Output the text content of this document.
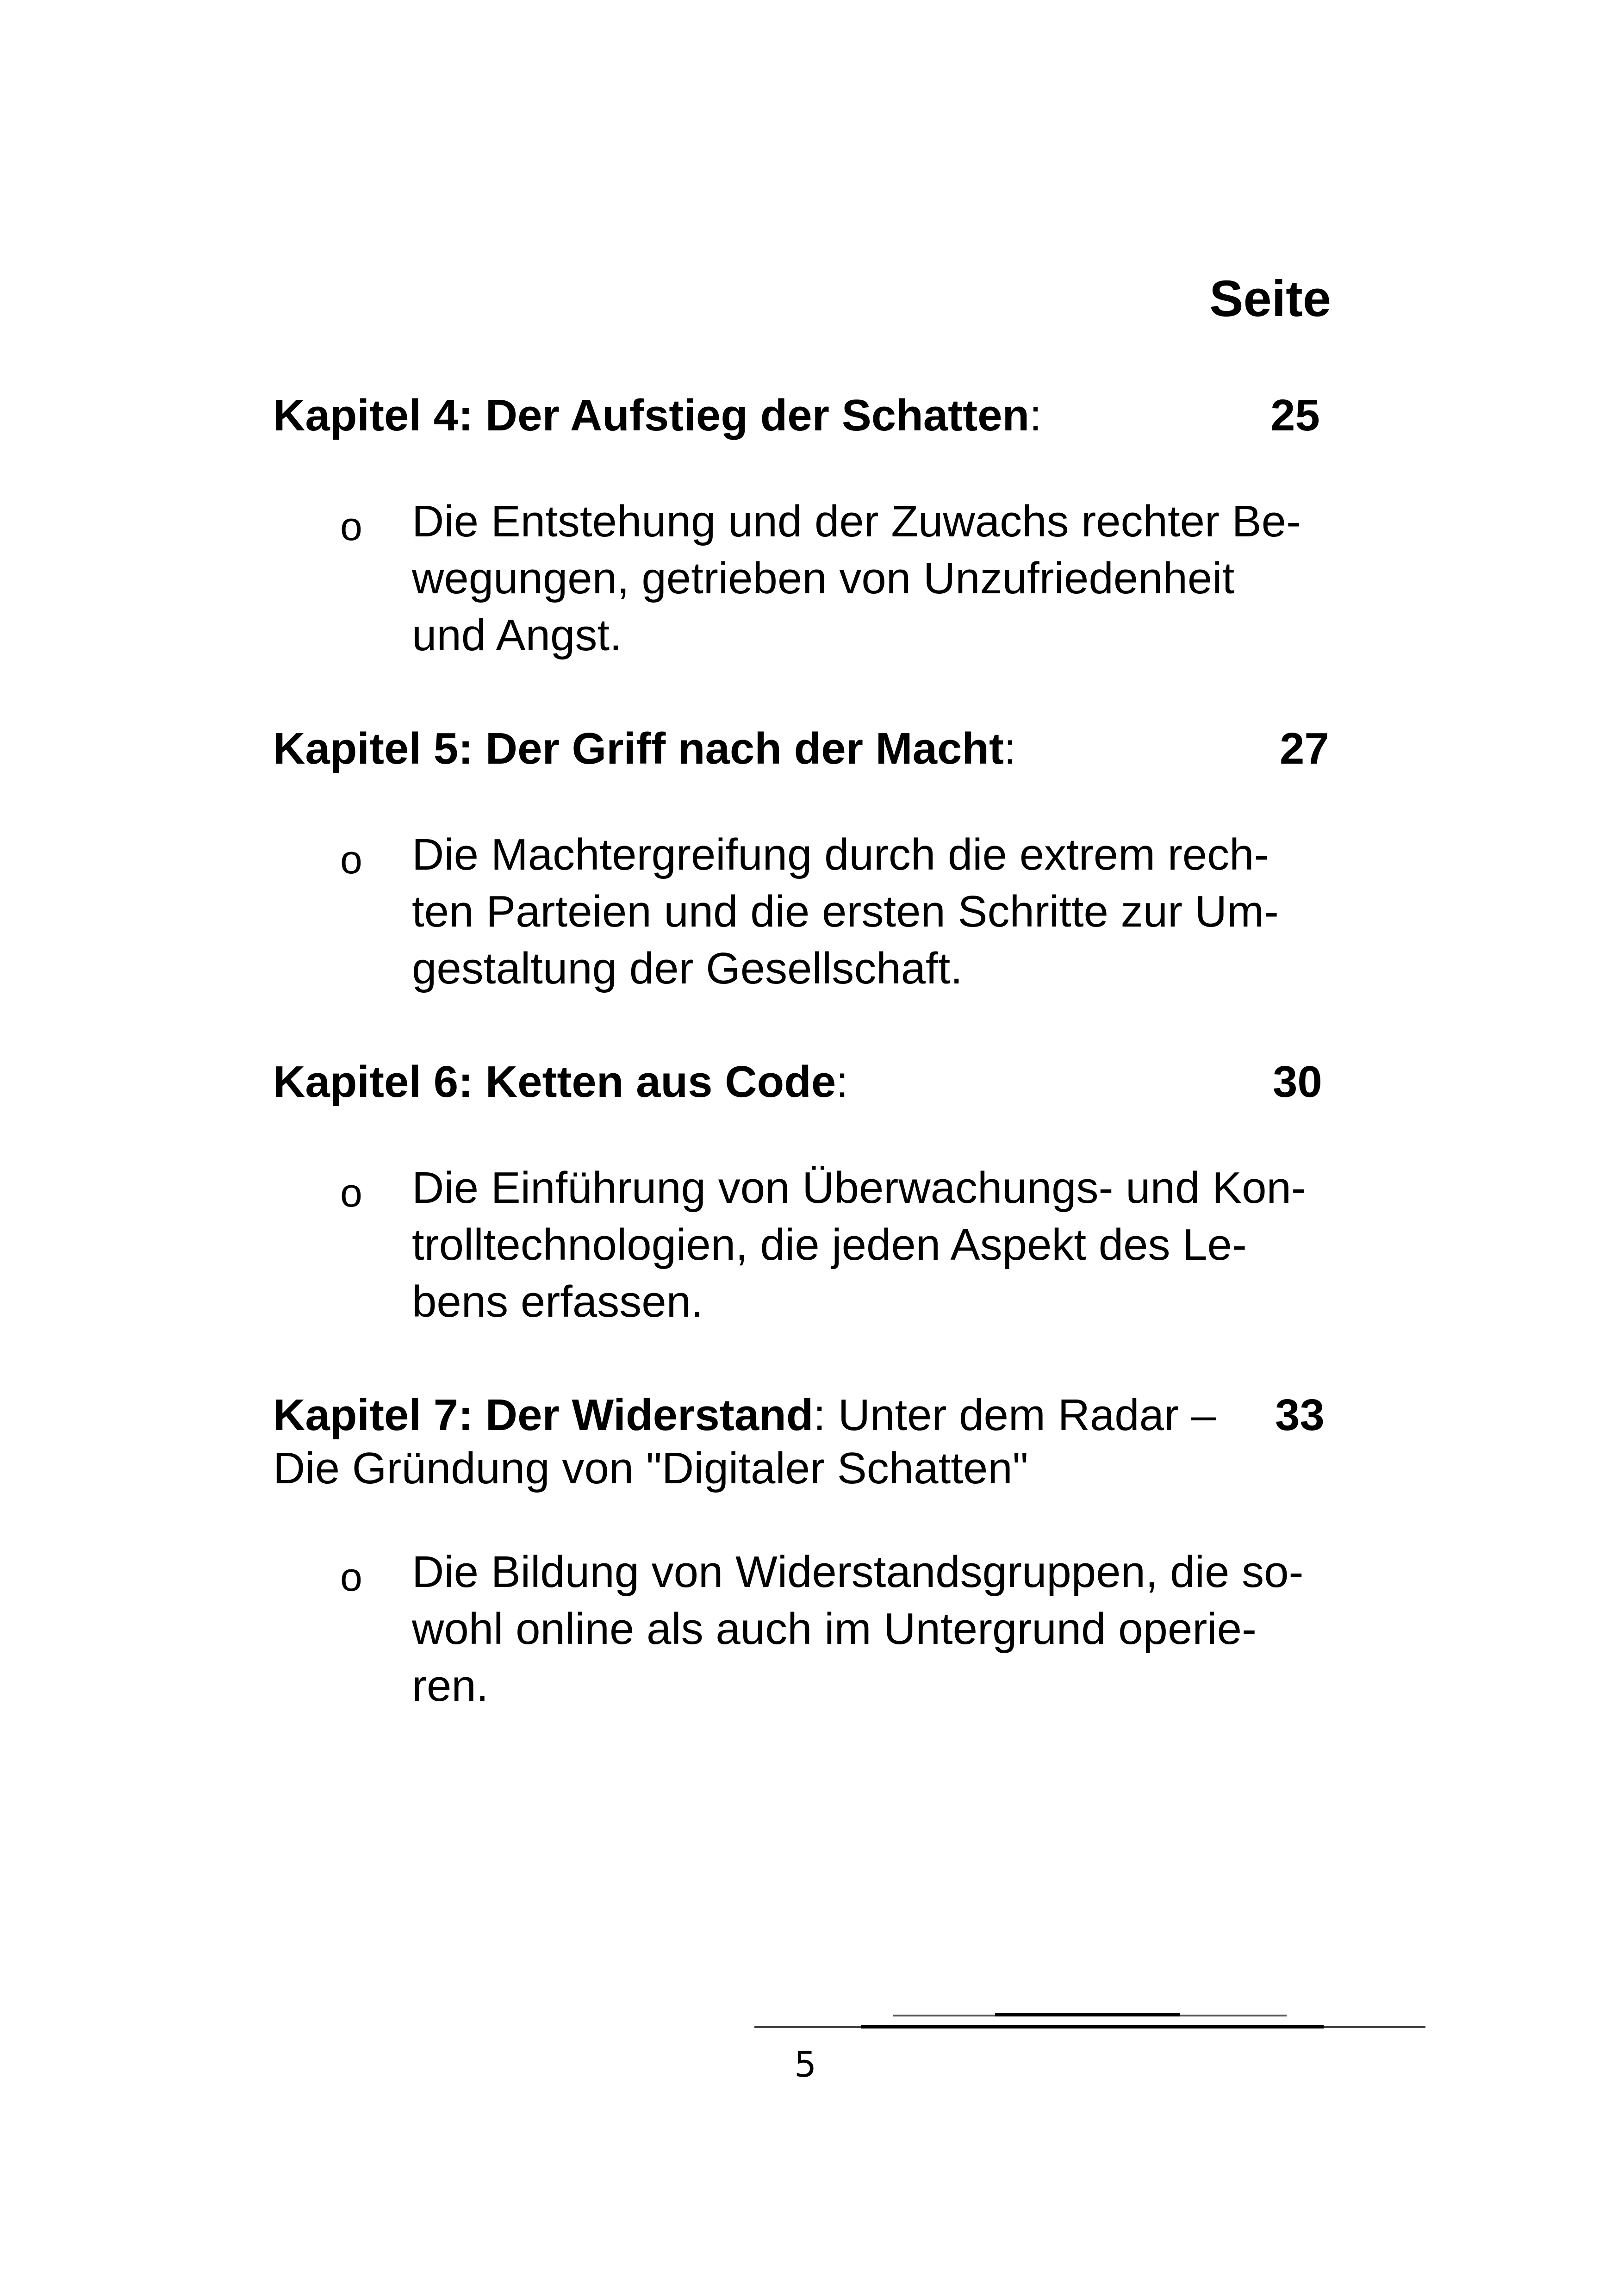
Seite
Kapitel 4: Der Aufstieg der Schatten:	25
o Die Entstehung und der Zuwachs rechter Be-
wegungen, getrieben von Unzufriedenheit
und Angst.
Kapitel 5: Der Griff nach der Macht:	27
o Die Machtergreifung durch die extrem rech-
ten Parteien und die ersten Schritte zur Um-
gestaltung der Gesellschaft.
Kapitel 6: Ketten aus Code:	30
o Die Einführung von Überwachungs- und Kon-
trolltechnologien, die jeden Aspekt des Le-
bens erfassen.
Kapitel 7: Der Widerstand: Unter dem Radar –	33
Die Gründung von "Digitaler Schatten"
o Die Bildung von Widerstandsgruppen, die so-
wohl online als auch im Untergrund operie-
ren.
5
